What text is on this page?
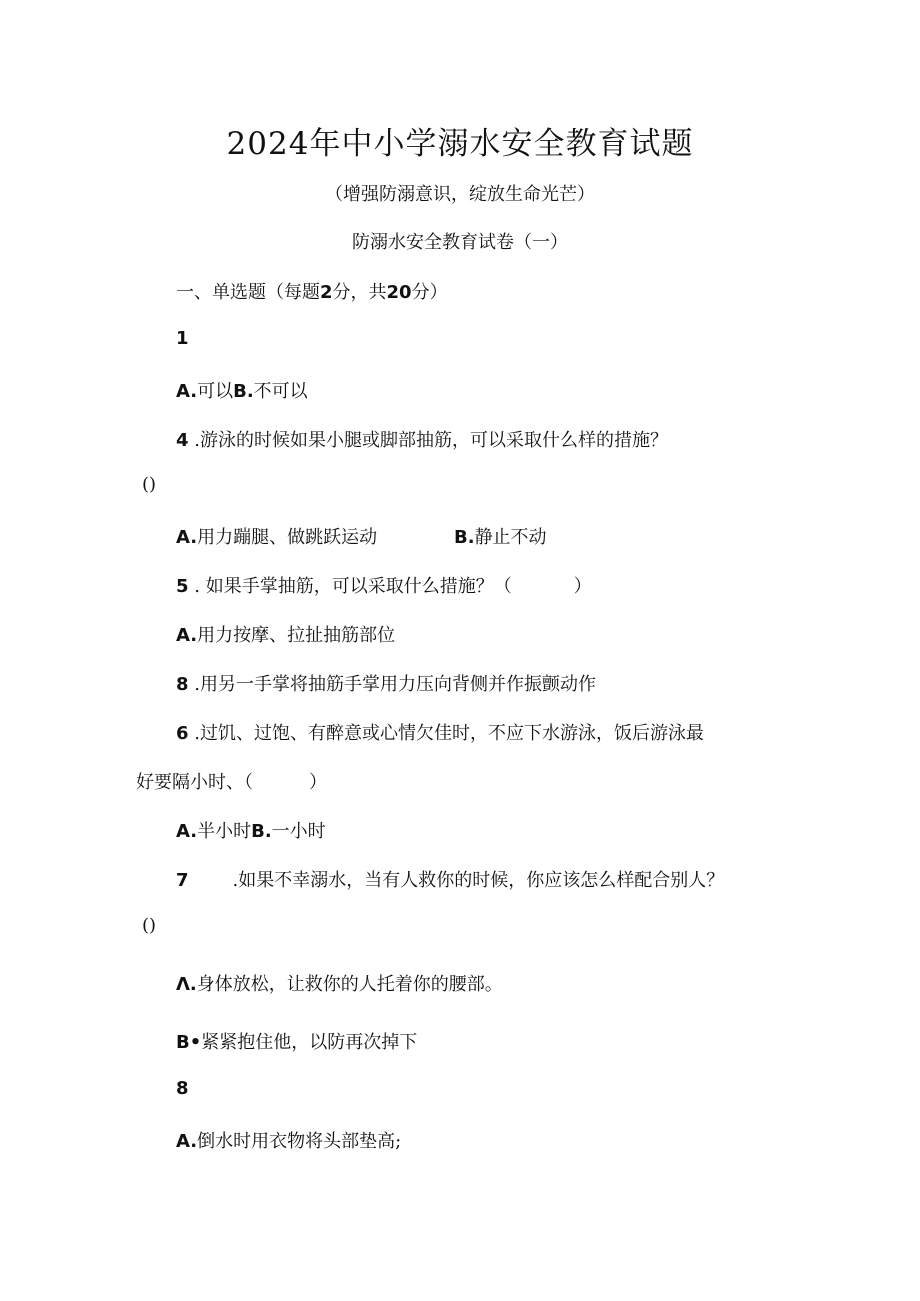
2024年中小学溺水安全教育试题
（增强防溺意识，绽放生命光芒）
防溺水安全教育试卷（一）
一、单选题（每题2分，共20分）
1
A.可以B.不可以
4 .游泳的时候如果小腿或脚部抽筋，可以采取什么样的措施？
()
A.用力蹦腿、做跳跃运动	B.静止不动
5 . 如果手掌抽筋，可以采取什么措施？（	）
A.用力按摩、拉扯抽筋部位
8 .用另一手掌将抽筋手掌用力压向背侧并作振颤动作
6 .过饥、过饱、有醉意或心情欠佳时，不应下水游泳，饭后游泳最
好要隔小时、（	）
A.半小时B.一小时
7 .如果不幸溺水，当有人救你的时候，你应该怎么样配合别人？
()
Λ.身体放松，让救你的人托着你的腰部。
B•紧紧抱住他，以防再次掉下
8
A.倒水时用衣物将头部垫高;
